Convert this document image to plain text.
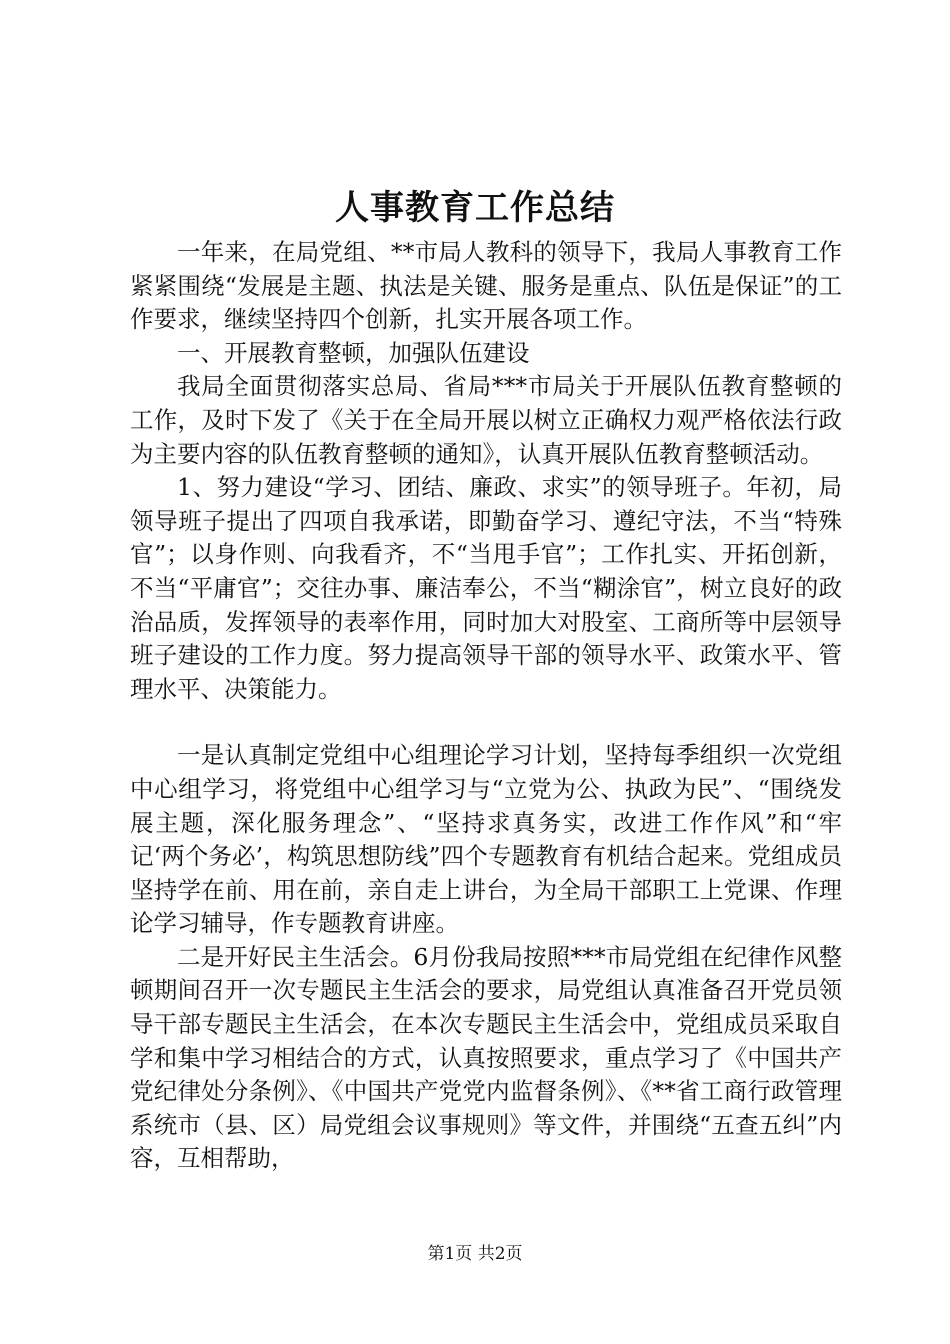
人事教育工作总结

一年来，在局党组、**市局人教科的领导下，我局人事教育工作紧紧围绕“发展是主题、执法是关键、服务是重点、队伍是保证”的工作要求，继续坚持四个创新，扎实开展各项工作。

一、开展教育整顿，加强队伍建设

我局全面贯彻落实总局、省局***市局关于开展队伍教育整顿的工作，及时下发了《关于在全局开展以树立正确权力观严格依法行政为主要内容的队伍教育整顿的通知》，认真开展队伍教育整顿活动。

1、努力建设“学习、团结、廉政、求实”的领导班子。年初，局领导班子提出了四项自我承诺，即勤奋学习、遵纪守法，不当“特殊官”；以身作则、向我看齐，不“当甩手官”；工作扎实、开拓创新，不当“平庸官”；交往办事、廉洁奉公，不当“糊涂官”，树立良好的政治品质，发挥领导的表率作用，同时加大对股室、工商所等中层领导班子建设的工作力度。努力提高领导干部的领导水平、政策水平、管理水平、决策能力。

一是认真制定党组中心组理论学习计划，坚持每季组织一次党组中心组学习，将党组中心组学习与“立党为公、执政为民”、“围绕发展主题，深化服务理念”、“坚持求真务实，改进工作作风”和“牢记‘两个务必’，构筑思想防线”四个专题教育有机结合起来。党组成员坚持学在前、用在前，亲自走上讲台，为全局干部职工上党课、作理论学习辅导，作专题教育讲座。

二是开好民主生活会。6月份我局按照***市局党组在纪律作风整顿期间召开一次专题民主生活会的要求，局党组认真准备召开党员领导干部专题民主生活会，在本次专题民主生活会中，党组成员采取自学和集中学习相结合的方式，认真按照要求，重点学习了《中国共产党纪律处分条例》、《中国共产党党内监督条例》、《**省工商行政管理系统市（县、区）局党组会议事规则》等文件，并围绕“五查五纠”内容，互相帮助，

第1页 共2页
